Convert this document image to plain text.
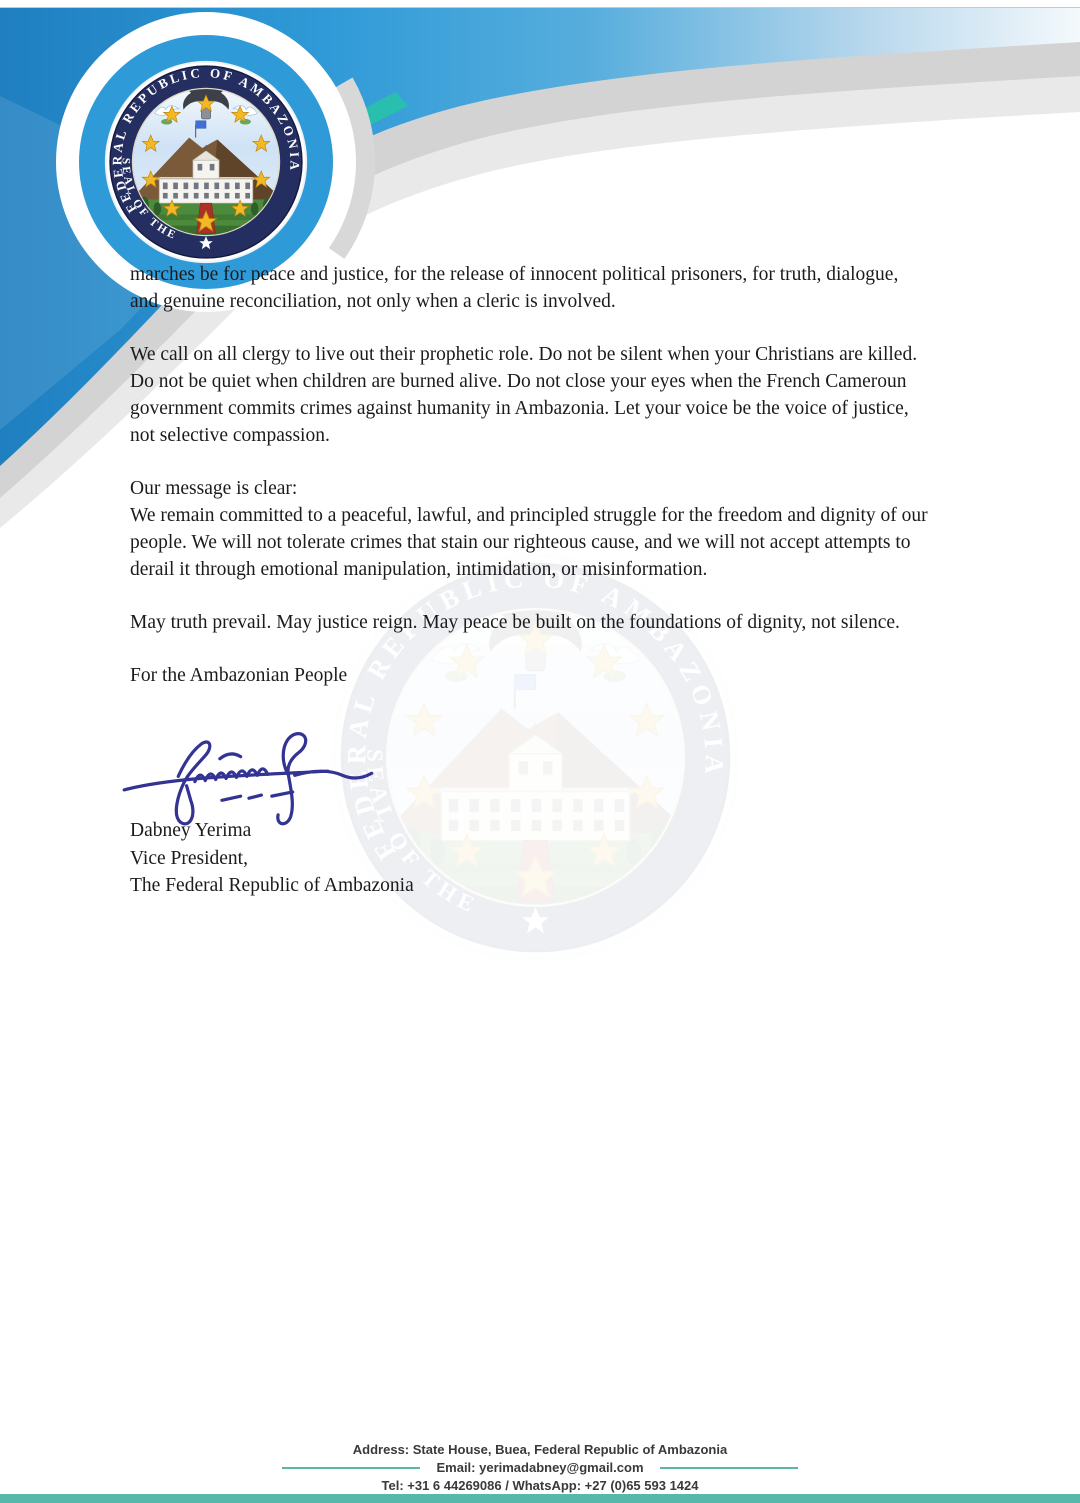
marches be for peace and justice, for the release of innocent political prisoners, for truth, dialogue,
and genuine reconciliation, not only when a cleric is involved.

We call on all clergy to live out their prophetic role. Do not be silent when your Christians are killed.
Do not be quiet when children are burned alive. Do not close your eyes when the French Cameroun
government commits crimes against humanity in Ambazonia. Let your voice be the voice of justice,
not selective compassion.

Our message is clear:
We remain committed to a peaceful, lawful, and principled struggle for the freedom and dignity of our
people. We will not tolerate crimes that stain our righteous cause, and we will not accept attempts to
derail it through emotional manipulation, intimidation, or misinformation.

May truth prevail. May justice reign. May peace be built on the foundations of dignity, not silence.

For the Ambazonian People

Dabney Yerima
Vice President,
The Federal Republic of Ambazonia
Address: State House, Buea, Federal Republic of Ambazonia
Email: yerimadabney@gmail.com
Tel: +31 6 44269086 / WhatsApp: +27 (0)65 593 1424
